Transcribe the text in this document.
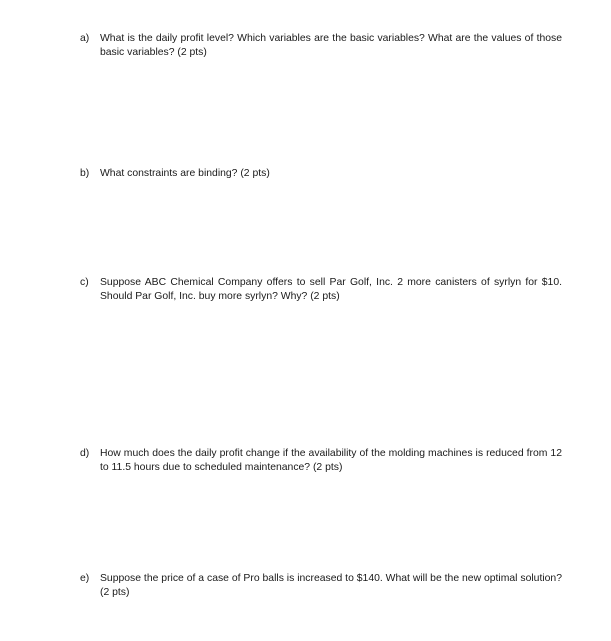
a)	What is the daily profit level? Which variables are the basic variables? What are the values of those basic variables? (2 pts)
b)	What constraints are binding? (2 pts)
c)	Suppose ABC Chemical Company offers to sell Par Golf, Inc. 2 more canisters of syrlyn for $10. Should Par Golf, Inc. buy more syrlyn? Why? (2 pts)
d)	How much does the daily profit change if the availability of the molding machines is reduced from 12 to 11.5 hours due to scheduled maintenance? (2 pts)
e)	Suppose the price of a case of Pro balls is increased to $140. What will be the new optimal solution? (2 pts)
